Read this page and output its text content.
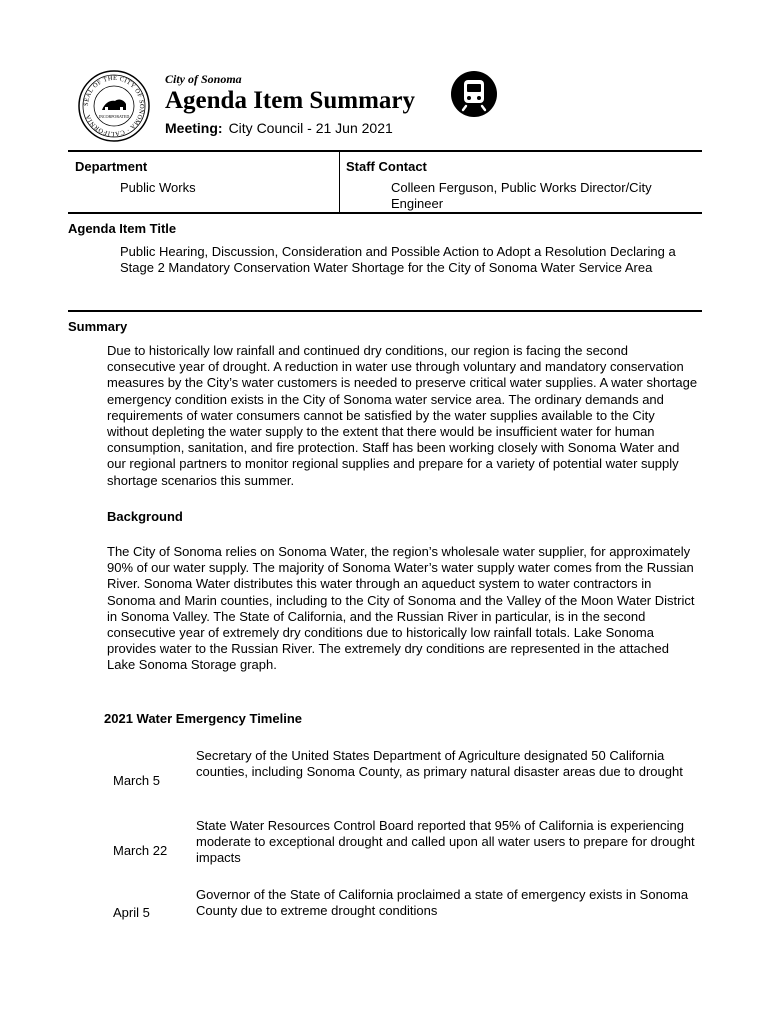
SEAL OF THE CITY OF SONOMA · CALIFORNIA	INCORPORATED
City of Sonoma
Agenda Item Summary
Meeting: City Council - 21 Jun 2021
Department
Public Works
Staff Contact
Colleen Ferguson, Public Works Director/City Engineer
Agenda Item Title
Public Hearing, Discussion, Consideration and Possible Action to Adopt a Resolution Declaring a Stage 2 Mandatory Conservation Water Shortage for the City of Sonoma Water Service Area
Summary
Due to historically low rainfall and continued dry conditions, our region is facing the second consecutive year of drought. A reduction in water use through voluntary and mandatory conservation measures by the City’s water customers is needed to preserve critical water supplies. A water shortage emergency condition exists in the City of Sonoma water service area. The ordinary demands and requirements of water consumers cannot be satisfied by the water supplies available to the City without depleting the water supply to the extent that there would be insufficient water for human consumption, sanitation, and fire protection. Staff has been working closely with Sonoma Water and our regional partners to monitor regional supplies and prepare for a variety of potential water supply shortage scenarios this summer.
Background
The City of Sonoma relies on Sonoma Water, the region’s wholesale water supplier, for approximately 90% of our water supply. The majority of Sonoma Water’s water supply water comes from the Russian River. Sonoma Water distributes this water through an aqueduct system to water contractors in Sonoma and Marin counties, including to the City of Sonoma and the Valley of the Moon Water District in Sonoma Valley. The State of California, and the Russian River in particular, is in the second consecutive year of extremely dry conditions due to historically low rainfall totals. Lake Sonoma provides water to the Russian River. The extremely dry conditions are represented in the attached Lake Sonoma Storage graph.
2021 Water Emergency Timeline
March 5
Secretary of the United States Department of Agriculture designated 50 California counties, including Sonoma County, as primary natural disaster areas due to drought
March 22
State Water Resources Control Board reported that 95% of California is experiencing moderate to exceptional drought and called upon all water users to prepare for drought impacts
April 5
Governor of the State of California proclaimed a state of emergency exists in Sonoma County due to extreme drought conditions
